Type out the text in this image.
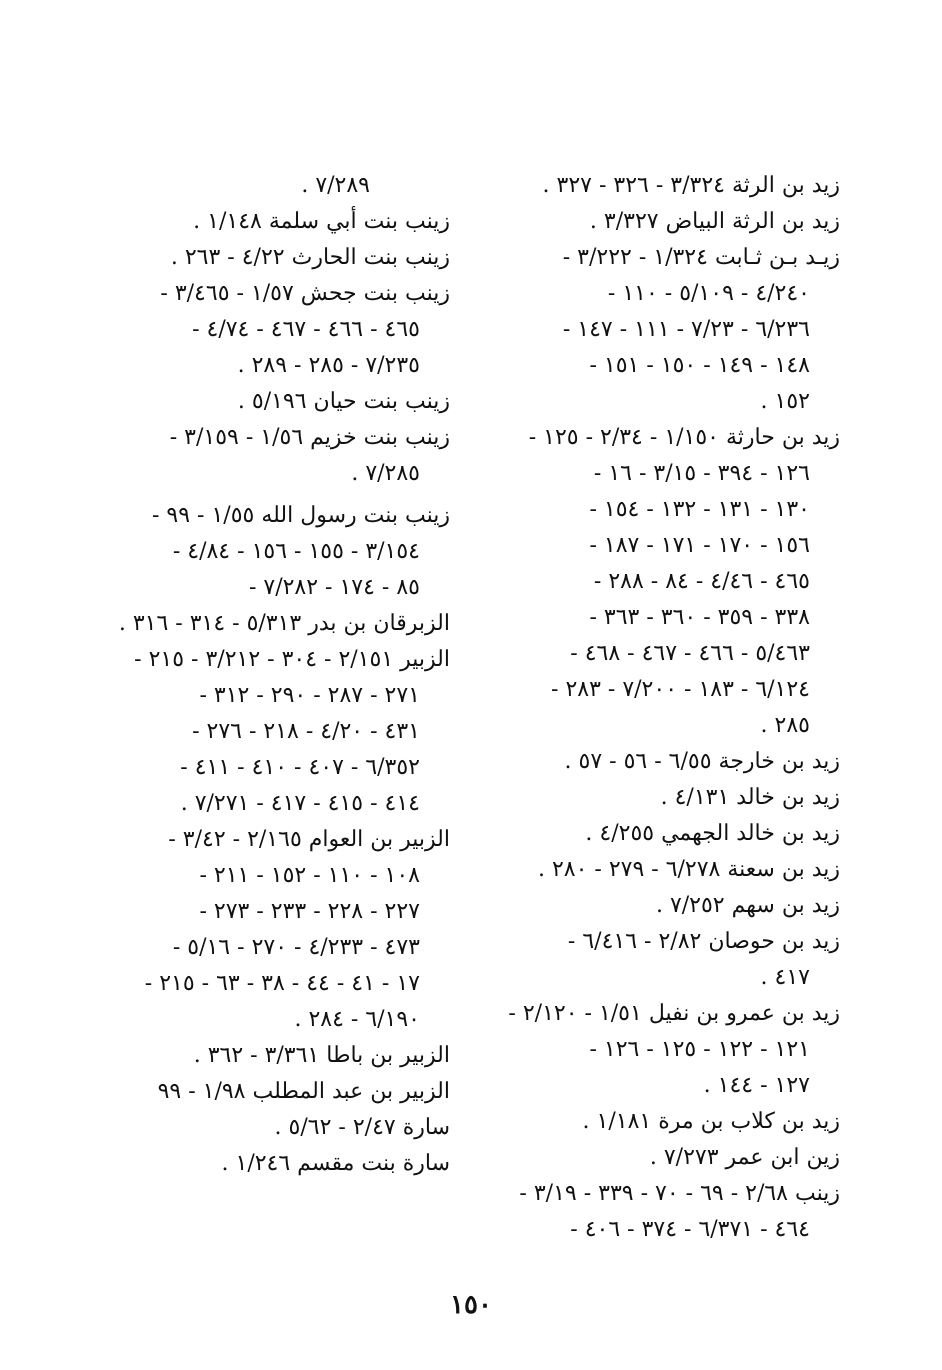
زيد بن الرثة ٣/٣٢٤ - ٣٢٦ - ٣٢٧ .
زيد بن الرثة البياض ٣/٣٢٧ .
زيـد بـن ثـابت ١/٣٢٤ - ٣/٢٢٢ -
٤/٢٤٠ - ٥/١٠٩ - ١١٠ -
٦/٢٣٦ - ٧/٢٣ - ١١١ - ١٤٧ -
١٤٨ - ١٤٩ - ١٥٠ - ١٥١ -
١٥٢ .
زيد بن حارثة ١/١٥٠ - ٢/٣٤ - ١٢٥ -
١٢٦ - ٣٩٤ - ٣/١٥ - ١٦ -
١٣٠ - ١٣١ - ١٣٢ - ١٥٤ -
١٥٦ - ١٧٠ - ١٧١ - ١٨٧ -
٤٦٥ - ٤/٤٦ - ٨٤ - ٢٨٨ -
٣٣٨ - ٣٥٩ - ٣٦٠ - ٣٦٣ -
٥/٤٦٣ - ٤٦٦ - ٤٦٧ - ٤٦٨ -
٦/١٢٤ - ١٨٣ - ٧/٢٠٠ - ٢٨٣ -
٢٨٥ .
زيد بن خارجة ٦/٥٥ - ٥٦ - ٥٧ .
زيد بن خالد ٤/١٣١ .
زيد بن خالد الجهمي ٤/٢٥٥ .
زيد بن سعنة ٦/٢٧٨ - ٢٧٩ - ٢٨٠ .
زيد بن سهم ٧/٢٥٢ .
زيد بن حوصان ٢/٨٢ - ٦/٤١٦ -
٤١٧ .
زيد بن عمرو بن نفيل ١/٥١ - ٢/١٢٠ -
١٢١ - ١٢٢ - ١٢٥ - ١٢٦ -
١٢٧ - ١٤٤ .
زيد بن كلاب بن مرة ١/١٨١ .
زين ابن عمر ٧/٢٧٣ .
زينب ٢/٦٨ - ٦٩ - ٧٠ - ٣٣٩ - ٣/١٩ -
٤٦٤ - ٦/٣٧١ - ٣٧٤ - ٤٠٦ -
٧/٢٨٩ .
زينب بنت أبي سلمة ١/١٤٨ .
زينب بنت الحارث ٤/٢٢ - ٢٦٣ .
زينب بنت جحش ١/٥٧ - ٣/٤٦٥ -
٤٦٥ - ٤٦٦ - ٤٦٧ - ٤/٧٤ -
٧/٢٣٥ - ٢٨٥ - ٢٨٩ .
زينب بنت حيان ٥/١٩٦ .
زينب بنت خزيم ١/٥٦ - ٣/١٥٩ -
٧/٢٨٥ .
زينب بنت رسول الله ١/٥٥ - ٩٩ -
٣/١٥٤ - ١٥٥ - ١٥٦ - ٤/٨٤ -
٨٥ - ١٧٤ - ٧/٢٨٢ -
الزبرقان بن بدر ٥/٣١٣ - ٣١٤ - ٣١٦ .
الزبير ٢/١٥١ - ٣٠٤ - ٣/٢١٢ - ٢١٥ -
٢٧١ - ٢٨٧ - ٢٩٠ - ٣١٢ -
٤٣١ - ٤/٢٠ - ٢١٨ - ٢٧٦ -
٦/٣٥٢ - ٤٠٧ - ٤١٠ - ٤١١ -
٤١٤ - ٤١٥ - ٤١٧ - ٧/٢٧١ .
الزبير بن العوام ٢/١٦٥ - ٣/٤٢ -
١٠٨ - ١١٠ - ١٥٢ - ٢١١ -
٢٢٧ - ٢٢٨ - ٢٣٣ - ٢٧٣ -
٤٧٣ - ٤/٢٣٣ - ٢٧٠ - ٥/١٦ -
١٧ - ٤١ - ٤٤ - ٣٨ - ٦٣ - ٢١٥ -
٦/١٩٠ - ٢٨٤ .
الزبير بن باطا ٣/٣٦١ - ٣٦٢ .
الزبير بن عبد المطلب ١/٩٨ - ٩٩
سارة ٢/٤٧ - ٥/٦٢ .
سارة بنت مقسم ١/٢٤٦ .
١٥٠
